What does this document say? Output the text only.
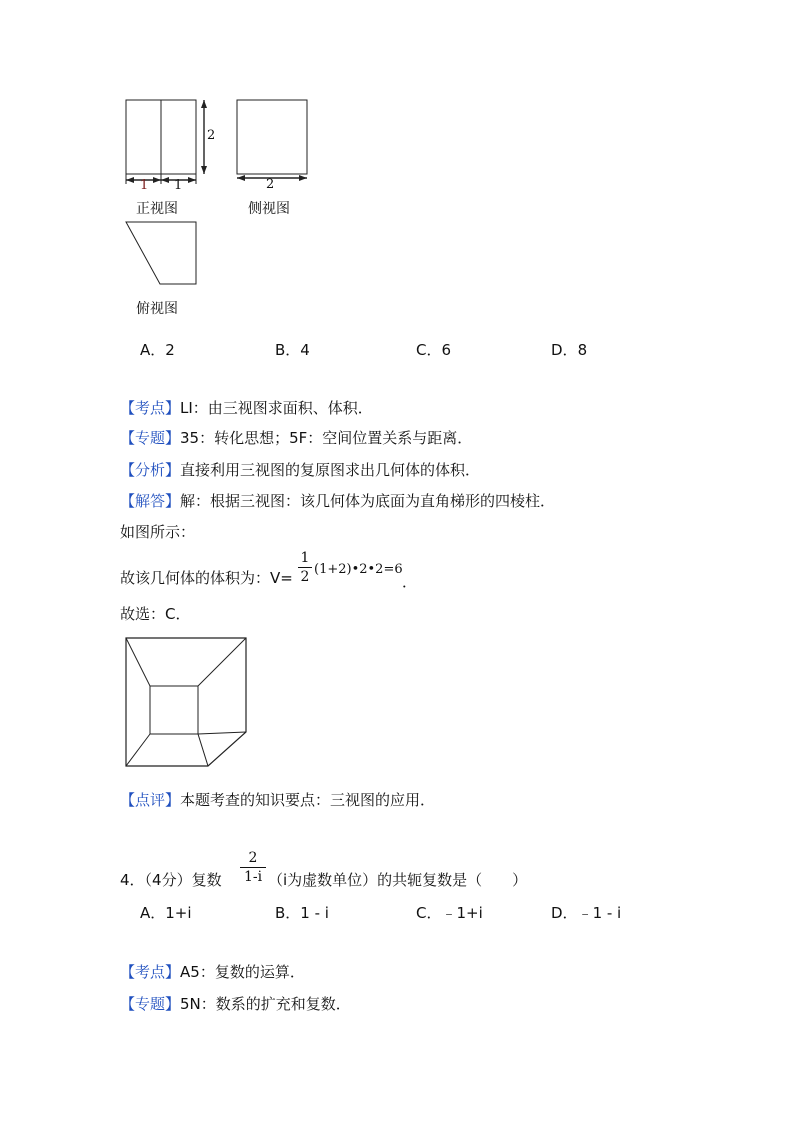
2
1 1
正视图
2
侧视图
俯视图
A．2	B．4	C．6	D．8
【考点】LI：由三视图求面积、体积．
【专题】35：转化思想；5F：空间位置关系与距离．
【分析】直接利用三视图的复原图求出几何体的体积．
【解答】解：根据三视图：该几何体为底面为直角梯形的四棱柱．
如图所示：
故该几何体的体积为：V=
1
2 (1+2)•2•2=6
．
故选：C．
【点评】本题考查的知识要点：三视图的应用．
4．（4分）复数
2
1-i （i为虚数单位）的共轭复数是（　　）
A．1+i	B．1 - i	C．﹣1+i	D．﹣1 - i
【考点】A5：复数的运算．
【专题】5N：数系的扩充和复数．
